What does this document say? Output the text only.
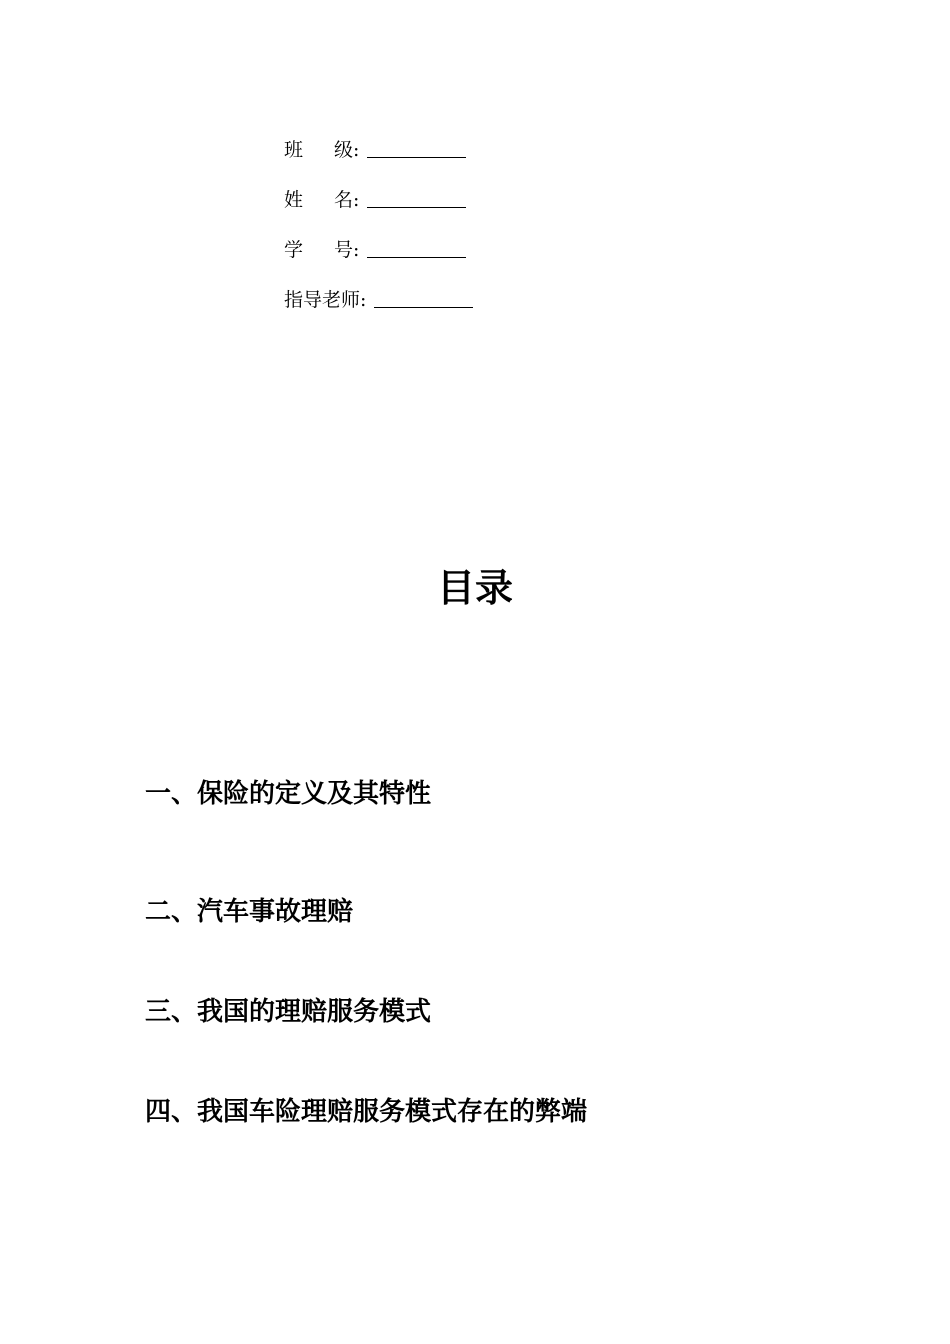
班 级 :
姓 名 :
学 号 :
指导老师 :
目录
一、保险的定义及其特性
二、汽车事故理赔
三、我国的理赔服务模式
四、我国车险理赔服务模式存在的弊端
